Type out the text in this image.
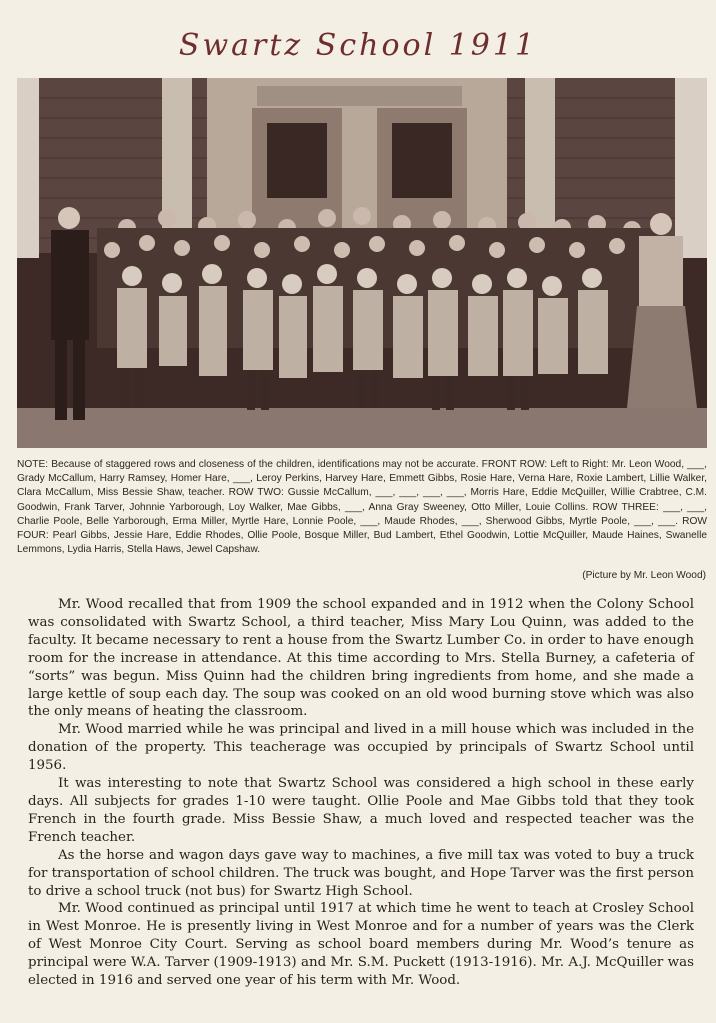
Swartz School 1911
NOTE: Because of staggered rows and closeness of the children, identifications may not be accurate. FRONT ROW: Left to Right: Mr. Leon Wood, ___, Grady McCallum, Harry Ramsey, Homer Hare, ___, Leroy Perkins, Harvey Hare, Emmett Gibbs, Rosie Hare, Verna Hare, Roxie Lambert, Lillie Walker, Clara McCallum, Miss Bessie Shaw, teacher. ROW TWO: Gussie McCallum, ___, ___, ___, ___, Morris Hare, Eddie McQuiller, Willie Crabtree, C.M. Goodwin, Frank Tarver, Johnnie Yarborough, Loy Walker, Mae Gibbs, ___, Anna Gray Sweeney, Otto Miller, Louie Collins. ROW THREE: ___, ___, Charlie Poole, Belle Yarborough, Erma Miller, Myrtle Hare, Lonnie Poole, ___, Maude Rhodes, ___, Sherwood Gibbs, Myrtle Poole, ___, ___. ROW FOUR: Pearl Gibbs, Jessie Hare, Eddie Rhodes, Ollie Poole, Bosque Miller, Bud Lambert, Ethel Goodwin, Lottie McQuiller, Maude Haines, Swanelle Lemmons, Lydia Harris, Stella Haws, Jewel Capshaw.
(Picture by Mr. Leon Wood)

Mr. Wood recalled that from 1909 the school expanded and in 1912 when the Colony School was consolidated with Swartz School, a third teacher, Miss Mary Lou Quinn, was added to the faculty. It became necessary to rent a house from the Swartz Lumber Co. in order to have enough room for the increase in attendance. At this time according to Mrs. Stella Burney, a cafeteria of “sorts” was begun. Miss Quinn had the children bring ingredients from home, and she made a large kettle of soup each day. The soup was cooked on an old wood burning stove which was also the only means of heating the classroom.

Mr. Wood married while he was principal and lived in a mill house which was included in the donation of the property. This teacherage was occupied by principals of Swartz School until 1956.

It was interesting to note that Swartz School was considered a high school in these early days. All subjects for grades 1-10 were taught. Ollie Poole and Mae Gibbs told that they took French in the fourth grade. Miss Bessie Shaw, a much loved and respected teacher was the French teacher.

As the horse and wagon days gave way to machines, a five mill tax was voted to buy a truck for transportation of school children. The truck was bought, and Hope Tarver was the first person to drive a school truck (not bus) for Swartz High School.

Mr. Wood continued as principal until 1917 at which time he went to teach at Crosley School in West Monroe. He is presently living in West Monroe and for a number of years was the Clerk of West Monroe City Court. Serving as school board members during Mr. Wood’s tenure as principal were W.A. Tarver (1909-1913) and Mr. S.M. Puckett (1913-1916). Mr. A.J. McQuiller was elected in 1916 and served one year of his term with Mr. Wood.
